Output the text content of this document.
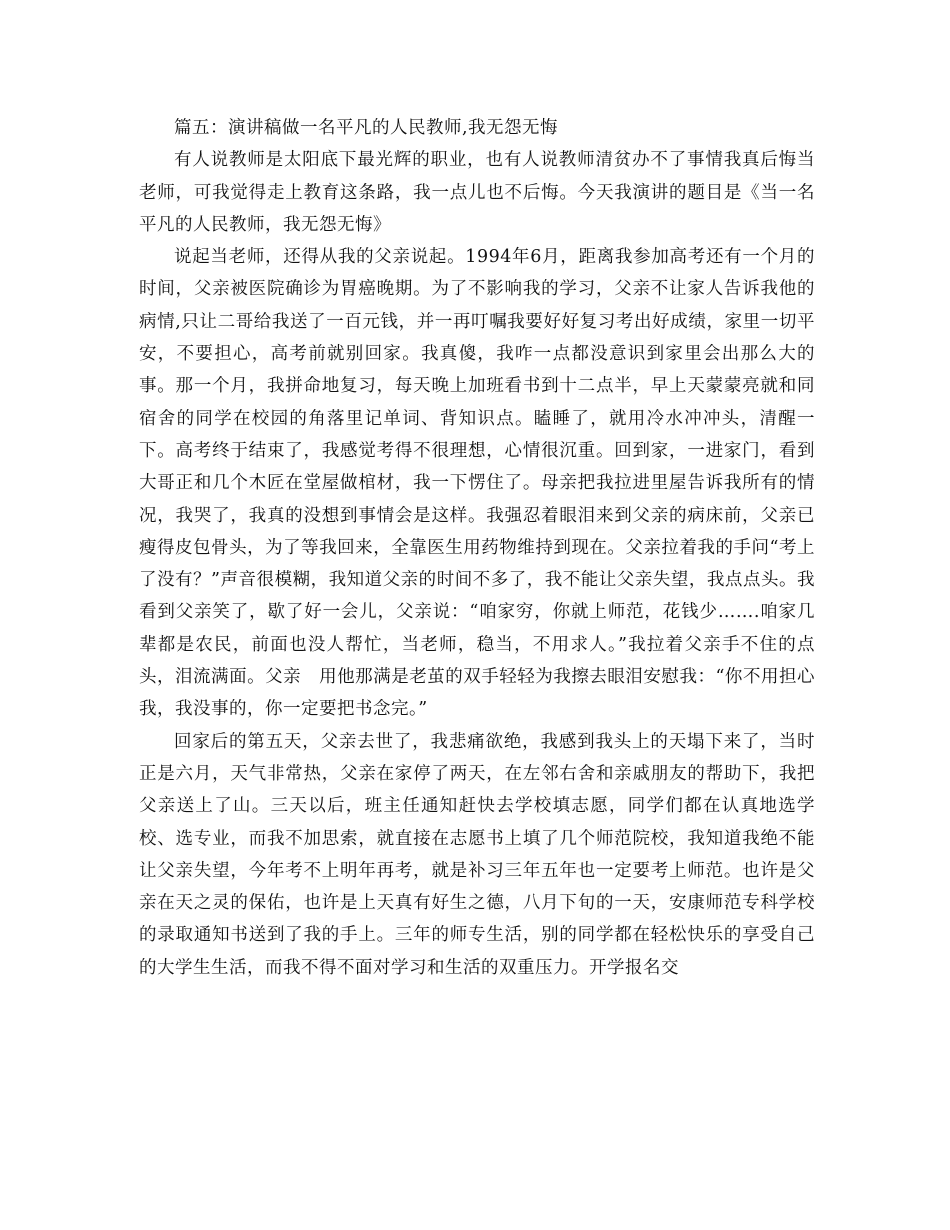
篇五：演讲稿做一名平凡的人民教师,我无怨无悔

有人说教师是太阳底下最光辉的职业，也有人说教师清贫办不了事情我真后悔当老师，可我觉得走上教育这条路，我一点儿也不后悔。今天我演讲的题目是《当一名平凡的人民教师，我无怨无悔》

说起当老师，还得从我的父亲说起。1994年6月，距离我参加高考还有一个月的时间，父亲被医院确诊为胃癌晚期。为了不影响我的学习，父亲不让家人告诉我他的病情,只让二哥给我送了一百元钱，并一再叮嘱我要好好复习考出好成绩，家里一切平安，不要担心，高考前就别回家。我真傻，我咋一点都没意识到家里会出那么大的事。那一个月，我拼命地复习，每天晚上加班看书到十二点半，早上天蒙蒙亮就和同宿舍的同学在校园的角落里记单词、背知识点。瞌睡了，就用冷水冲冲头，清醒一下。高考终于结束了，我感觉考得不很理想，心情很沉重。回到家，一进家门，看到大哥正和几个木匠在堂屋做棺材，我一下愣住了。母亲把我拉进里屋告诉我所有的情况，我哭了，我真的没想到事情会是这样。我强忍着眼泪来到父亲的病床前，父亲已瘦得皮包骨头，为了等我回来，全靠医生用药物维持到现在。父亲拉着我的手问“考上了没有？”声音很模糊，我知道父亲的时间不多了，我不能让父亲失望，我点点头。我看到父亲笑了，歇了好一会儿，父亲说：“咱家穷，你就上师范，花钱少…….咱家几辈都是农民，前面也没人帮忙，当老师，稳当，不用求人。”我拉着父亲手不住的点头，泪流满面。父亲　用他那满是老茧的双手轻轻为我擦去眼泪安慰我：“你不用担心我，我没事的，你一定要把书念完。”

回家后的第五天，父亲去世了，我悲痛欲绝，我感到我头上的天塌下来了，当时正是六月，天气非常热，父亲在家停了两天，在左邻右舍和亲戚朋友的帮助下，我把父亲送上了山。三天以后，班主任通知赶快去学校填志愿，同学们都在认真地选学校、选专业，而我不加思索，就直接在志愿书上填了几个师范院校，我知道我绝不能让父亲失望，今年考不上明年再考，就是补习三年五年也一定要考上师范。也许是父亲在天之灵的保佑，也许是上天真有好生之德，八月下旬的一天，安康师范专科学校的录取通知书送到了我的手上。三年的师专生活，别的同学都在轻松快乐的享受自己的大学生生活，而我不得不面对学习和生活的双重压力。开学报名交
